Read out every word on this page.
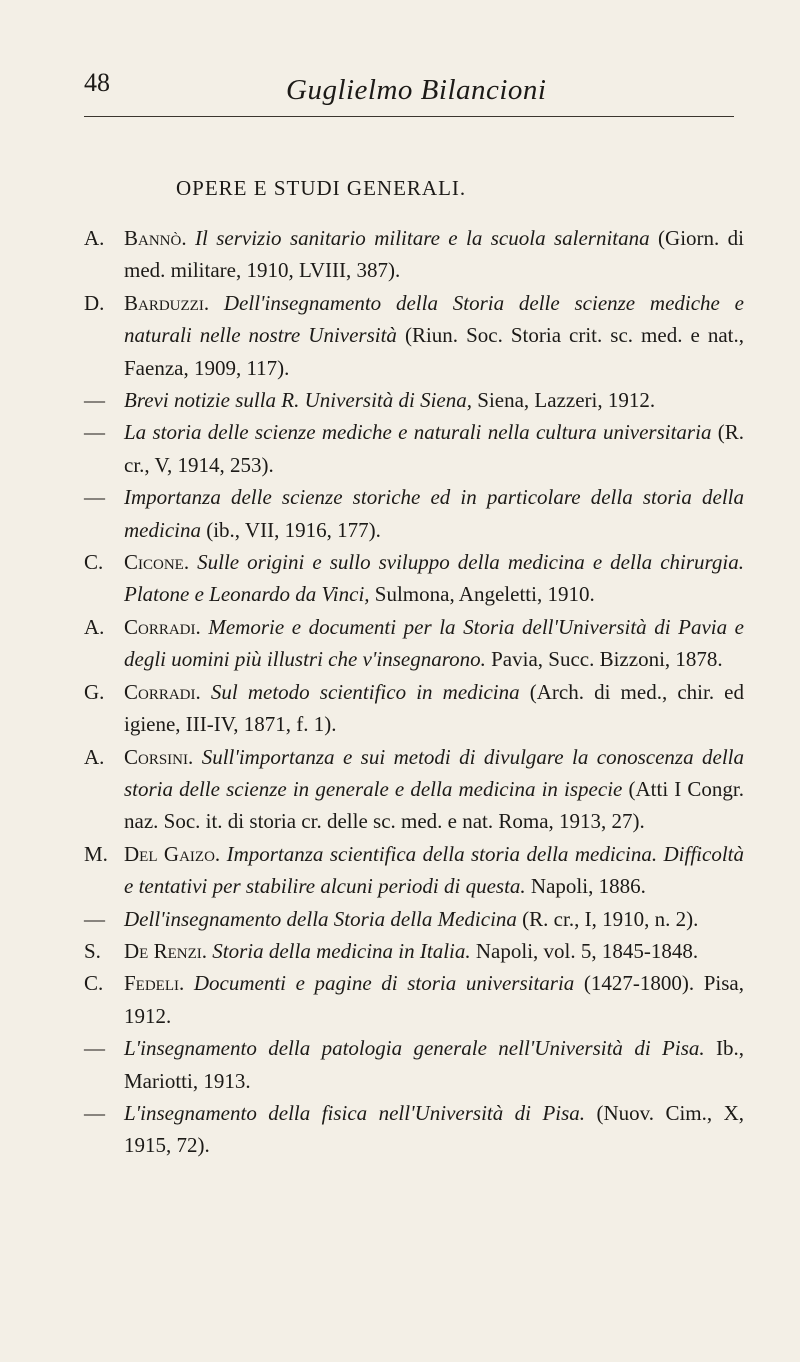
48	Guglielmo Bilancioni
OPERE E STUDI GENERALI.
A. Bannò. Il servizio sanitario militare e la scuola salernitana (Giorn. di med. militare, 1910, LVIII, 387).
D. Barduzzi. Dell'insegnamento della Storia delle scienze mediche e naturali nelle nostre Università (Riun. Soc. Storia crit. sc. med. e nat., Faenza, 1909, 117).
— Brevi notizie sulla R. Università di Siena, Siena, Lazzeri, 1912.
— La storia delle scienze mediche e naturali nella cultura universitaria (R. cr., V, 1914, 253).
— Importanza delle scienze storiche ed in particolare della storia della medicina (ib., VII, 1916, 177).
C. Cicone. Sulle origini e sullo sviluppo della medicina e della chirurgia. Platone e Leonardo da Vinci, Sulmona, Angeletti, 1910.
A. Corradi. Memorie e documenti per la Storia dell'Università di Pavia e degli uomini più illustri che v'insegnarono. Pavia, Succ. Bizzoni, 1878.
G. Corradi. Sul metodo scientifico in medicina (Arch. di med., chir. ed igiene, III-IV, 1871, f. 1).
A. Corsini. Sull'importanza e sui metodi di divulgare la conoscenza della storia delle scienze in generale e della medicina in ispecie (Atti I Congr. naz. Soc. it. di storia cr. delle sc. med. e nat. Roma, 1913, 27).
M. Del Gaizo. Importanza scientifica della storia della medicina. Difficoltà e tentativi per stabilire alcuni periodi di questa. Napoli, 1886.
— Dell'insegnamento della Storia della Medicina (R. cr., I, 1910, n. 2).
S. De Renzi. Storia della medicina in Italia. Napoli, vol. 5, 1845-1848.
C. Fedeli. Documenti e pagine di storia universitaria (1427-1800). Pisa, 1912.
— L'insegnamento della patologia generale nell'Università di Pisa. Ib., Mariotti, 1913.
— L'insegnamento della fisica nell'Università di Pisa. (Nuov. Cim., X, 1915, 72).
